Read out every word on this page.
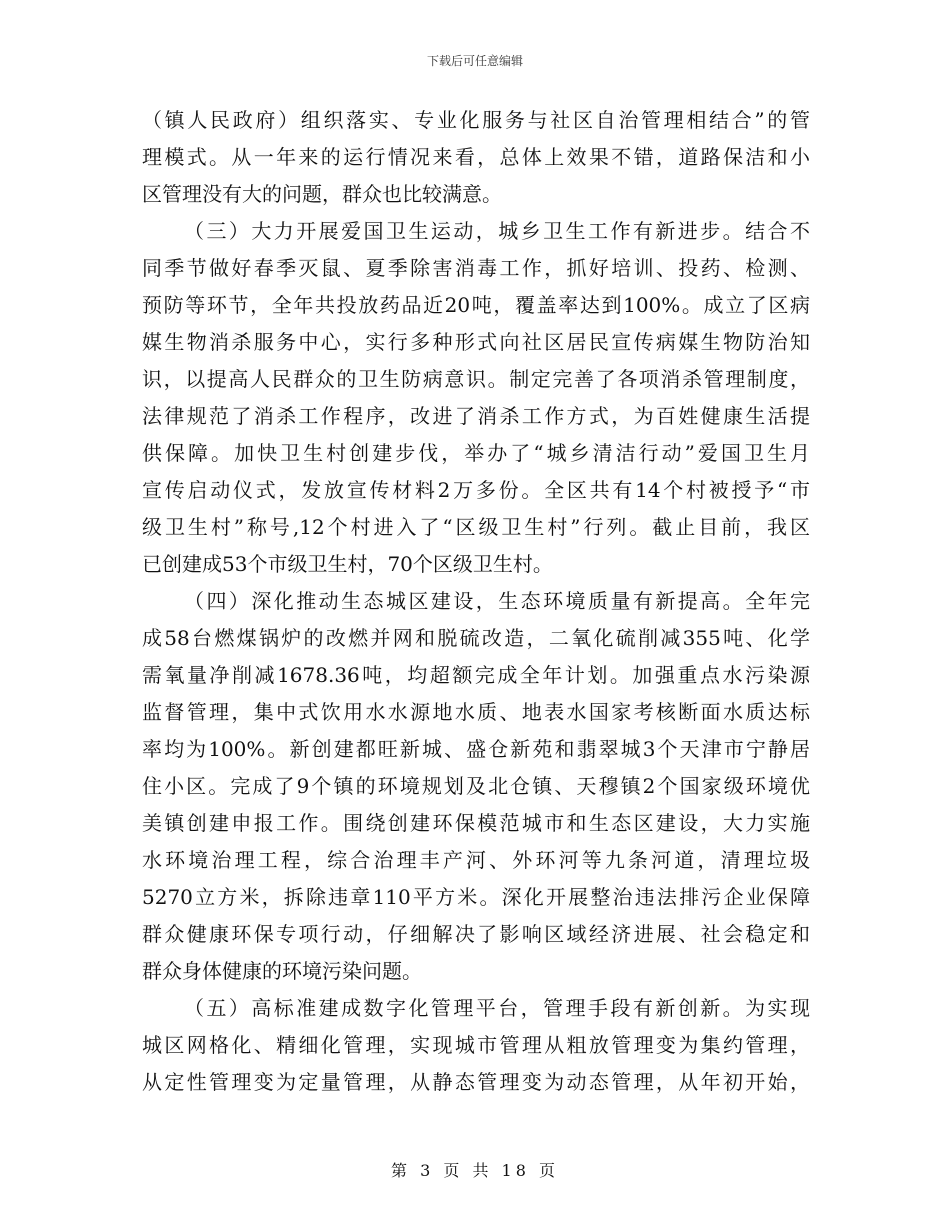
下载后可任意编辑
（镇人民政府）组织落实、专业化服务与社区自治管理相结合”的管
理模式。从一年来的运行情况来看，总体上效果不错，道路保洁和小
区管理没有大的问题，群众也比较满意。
（三）大力开展爱国卫生运动，城乡卫生工作有新进步。结合不
同季节做好春季灭鼠、夏季除害消毒工作，抓好培训、投药、检测、
预防等环节，全年共投放药品近20吨，覆盖率达到100%。成立了区病
媒生物消杀服务中心，实行多种形式向社区居民宣传病媒生物防治知
识，以提高人民群众的卫生防病意识。制定完善了各项消杀管理制度，
法律规范了消杀工作程序，改进了消杀工作方式，为百姓健康生活提
供保障。加快卫生村创建步伐，举办了“城乡清洁行动”爱国卫生月
宣传启动仪式，发放宣传材料2万多份。全区共有14个村被授予“市
级卫生村”称号,12个村进入了“区级卫生村”行列。截止目前，我区
已创建成53个市级卫生村，70个区级卫生村。
（四）深化推动生态城区建设，生态环境质量有新提高。全年完
成58台燃煤锅炉的改燃并网和脱硫改造，二氧化硫削减355吨、化学
需氧量净削减1678.36吨，均超额完成全年计划。加强重点水污染源
监督管理，集中式饮用水水源地水质、地表水国家考核断面水质达标
率均为100%。新创建都旺新城、盛仓新苑和翡翠城3个天津市宁静居
住小区。完成了9个镇的环境规划及北仓镇、天穆镇2个国家级环境优
美镇创建申报工作。围绕创建环保模范城市和生态区建设，大力实施
水环境治理工程，综合治理丰产河、外环河等九条河道，清理垃圾
5270立方米，拆除违章110平方米。深化开展整治违法排污企业保障
群众健康环保专项行动，仔细解决了影响区域经济进展、社会稳定和
群众身体健康的环境污染问题。
（五）高标准建成数字化管理平台，管理手段有新创新。为实现
城区网格化、精细化管理，实现城市管理从粗放管理变为集约管理，
从定性管理变为定量管理，从静态管理变为动态管理，从年初开始，
第 3 页 共 18 页
